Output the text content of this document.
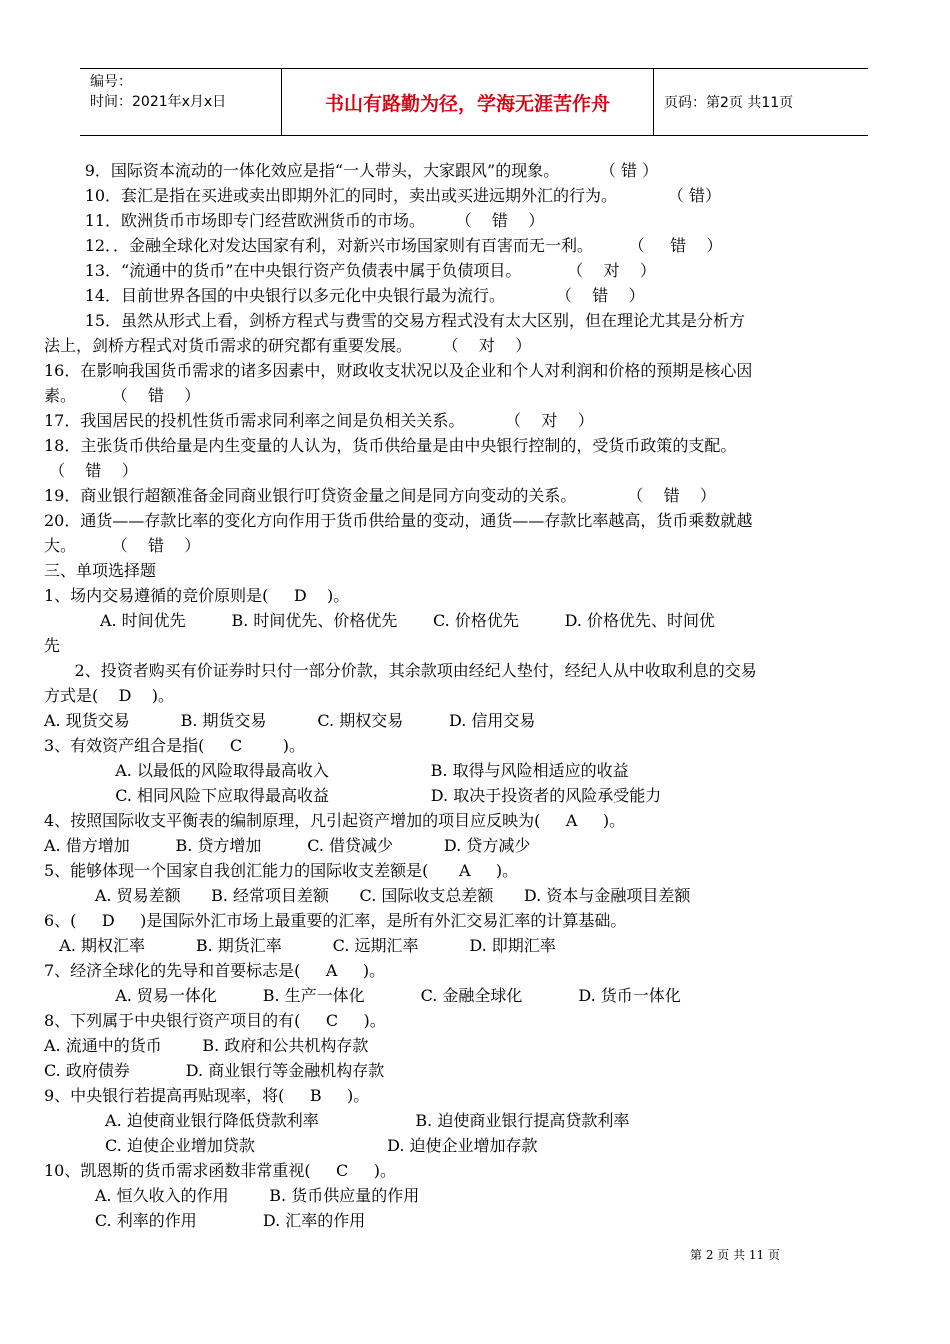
编号：
时间：2021年x月x日	书山有路勤为径，学海无涯苦作舟	页码：第2页 共11页
9．国际资本流动的一体化效应是指“一人带头，大家跟风”的现象。        （ 错 ）
10．套汇是指在买进或卖出即期外汇的同时，卖出或买进远期外汇的行为。          （ 错）
11．欧洲货币市场即专门经营欧洲货币的市场。      （    错    ）
12．．金融全球化对发达国家有利，对新兴市场国家则有百害而无一利。       （     错    ）
13．“流通中的货币”在中央银行资产负债表中属于负债项目。         （    对    ）
14．目前世界各国的中央银行以多元化中央银行最为流行。          （    错    ）
15．虽然从形式上看，剑桥方程式与费雪的交易方程式没有太大区别，但在理论尤其是分析方
法上，剑桥方程式对货币需求的研究都有重要发展。      （    对    ）
16．在影响我国货币需求的诸多因素中，财政收支状况以及企业和个人对利润和价格的预期是核心因
素。       （    错    ）
17．我国居民的投机性货币需求同利率之间是负相关关系。        （    对    ）
18．主张货币供给量是内生变量的人认为，货币供给量是由中央银行控制的，受货币政策的支配。
（    错    ）
19．商业银行超额准备金同商业银行叮贷资金量之间是同方向变动的关系。          （    错    ）
20．通货——存款比率的变化方向作用于货币供给量的变动，通货——存款比率越高，货币乘数就越
大。       （    错    ）
三、单项选择题
1、场内交易遵循的竞价原则是(     D    )。
A. 时间优先         B. 时间优先、价格优先       C. 价格优先         D. 价格优先、时间优
先
2、投资者购买有价证券时只付一部分价款，其余款项由经纪人垫付，经纪人从中收取利息的交易
方式是(    D    )。
A. 现货交易          B. 期货交易          C. 期权交易         D. 信用交易
3、有效资产组合是指(     C        )。
A. 以最低的风险取得最高收入                    B. 取得与风险相适应的收益
C. 相同风险下应取得最高收益                    D. 取决于投资者的风险承受能力
4、按照国际收支平衡表的编制原理，凡引起资产增加的项目应反映为(     A     )。
A. 借方增加         B. 贷方增加         C. 借贷减少          D. 贷方减少
5、能够体现一个国家自我创汇能力的国际收支差额是(      A     )。
A. 贸易差额      B. 经常项目差额      C. 国际收支总差额      D. 资本与金融项目差额
6、(     D     )是国际外汇市场上最重要的汇率，是所有外汇交易汇率的计算基础。
A. 期权汇率          B. 期货汇率          C. 远期汇率          D. 即期汇率
7、经济全球化的先导和首要标志是(     A     )。
A. 贸易一体化         B. 生产一体化           C. 金融全球化           D. 货币一体化
8、下列属于中央银行资产项目的有(     C     )。
A. 流通中的货币        B. 政府和公共机构存款
C. 政府债券           D. 商业银行等金融机构存款
9、中央银行若提高再贴现率，将(     B     )。
A. 迫使商业银行降低贷款利率                   B. 迫使商业银行提高贷款利率
C. 迫使企业增加贷款                          D. 迫使企业增加存款
10、凯恩斯的货币需求函数非常重视(     C     )。
A. 恒久收入的作用        B. 货币供应量的作用
C. 利率的作用             D. 汇率的作用
第 2 页 共 11 页
